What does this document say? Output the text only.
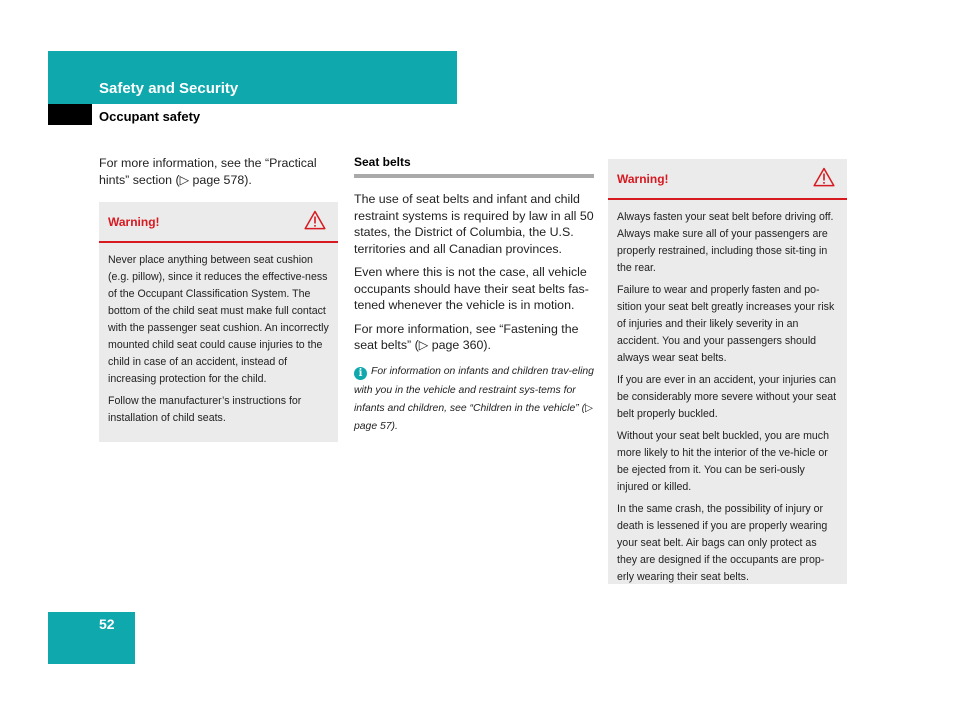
Safety and Security
Occupant safety

For more information, see the “Practical hints” section (▷ page 578).

Warning!

Never place anything between seat cushion (e.g. pillow), since it reduces the effective-ness of the Occupant Classification System. The bottom of the child seat must make full contact with the passenger seat cushion. An incorrectly mounted child seat could cause injuries to the child in case of an accident, instead of increasing protection for the child.

Follow the manufacturer’s instructions for installation of child seats.

Seat belts

The use of seat belts and infant and child restraint systems is required by law in all 50 states, the District of Columbia, the U.S. territories and all Canadian provinces.

Even where this is not the case, all vehicle occupants should have their seat belts fas-tened whenever the vehicle is in motion.

For more information, see “Fastening the seat belts” (▷ page 360).

i For information on infants and children trav-eling with you in the vehicle and restraint sys-tems for infants and children, see “Children in the vehicle” (▷ page 57).
Warning!

Always fasten your seat belt before driving off. Always make sure all of your passengers are properly restrained, including those sit-ting in the rear.

Failure to wear and properly fasten and po-sition your seat belt greatly increases your risk of injuries and their likely severity in an accident. You and your passengers should always wear seat belts.

If you are ever in an accident, your injuries can be considerably more severe without your seat belt properly buckled.

Without your seat belt buckled, you are much more likely to hit the interior of the ve-hicle or be ejected from it. You can be seri-ously injured or killed.

In the same crash, the possibility of injury or death is lessened if you are properly wearing your seat belt. Air bags can only protect as they are designed if the occupants are prop-erly wearing their seat belts.

52
